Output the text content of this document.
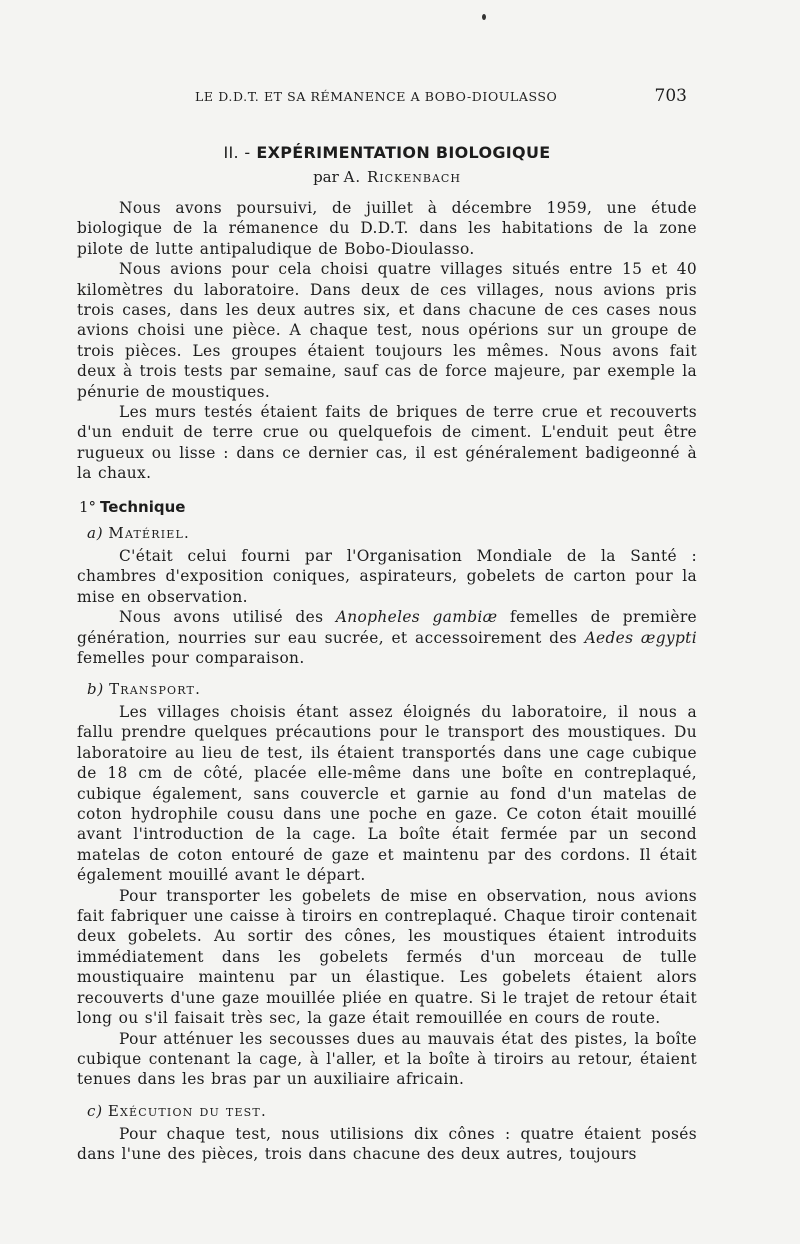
LE D.D.T. ET SA RÉMANENCE A BOBO-DIOULASSO	703
II. - EXPÉRIMENTATION BIOLOGIQUE
par A. Rickenbach

Nous avons poursuivi, de juillet à décembre 1959, une étude biologique de la rémanence du D.D.T. dans les habitations de la zone pilote de lutte antipaludique de Bobo-Dioulasso.

Nous avions pour cela choisi quatre villages situés entre 15 et 40 kilomètres du laboratoire. Dans deux de ces villages, nous avions pris trois cases, dans les deux autres six, et dans chacune de ces cases nous avions choisi une pièce. A chaque test, nous opérions sur un groupe de trois pièces. Les groupes étaient toujours les mêmes. Nous avons fait deux à trois tests par semaine, sauf cas de force majeure, par exemple la pénurie de moustiques.

Les murs testés étaient faits de briques de terre crue et recouverts d'un enduit de terre crue ou quelquefois de ciment. L'enduit peut être rugueux ou lisse : dans ce dernier cas, il est généralement badigeonné à la chaux.

1° Technique
a) Matériel.

C'était celui fourni par l'Organisation Mondiale de la Santé : chambres d'exposition coniques, aspirateurs, gobelets de carton pour la mise en observation.

Nous avons utilisé des Anopheles gambiæ femelles de première génération, nourries sur eau sucrée, et accessoirement des Aedes ægypti femelles pour comparaison.

b) Transport.

Les villages choisis étant assez éloignés du laboratoire, il nous a fallu prendre quelques précautions pour le transport des moustiques. Du laboratoire au lieu de test, ils étaient transportés dans une cage cubique de 18 cm de côté, placée elle-même dans une boîte en contreplaqué, cubique également, sans couvercle et garnie au fond d'un matelas de coton hydrophile cousu dans une poche en gaze. Ce coton était mouillé avant l'introduction de la cage. La boîte était fermée par un second matelas de coton entouré de gaze et maintenu par des cordons. Il était également mouillé avant le départ.

Pour transporter les gobelets de mise en observation, nous avions fait fabriquer une caisse à tiroirs en contreplaqué. Chaque tiroir contenait deux gobelets. Au sortir des cônes, les moustiques étaient introduits immédiatement dans les gobelets fermés d'un morceau de tulle moustiquaire maintenu par un élastique. Les gobelets étaient alors recouverts d'une gaze mouillée pliée en quatre. Si le trajet de retour était long ou s'il faisait très sec, la gaze était remouillée en cours de route.

Pour atténuer les secousses dues au mauvais état des pistes, la boîte cubique contenant la cage, à l'aller, et la boîte à tiroirs au retour, étaient tenues dans les bras par un auxiliaire africain.

c) Exécution du test.

Pour chaque test, nous utilisions dix cônes : quatre étaient posés dans l'une des pièces, trois dans chacune des deux autres, toujours
